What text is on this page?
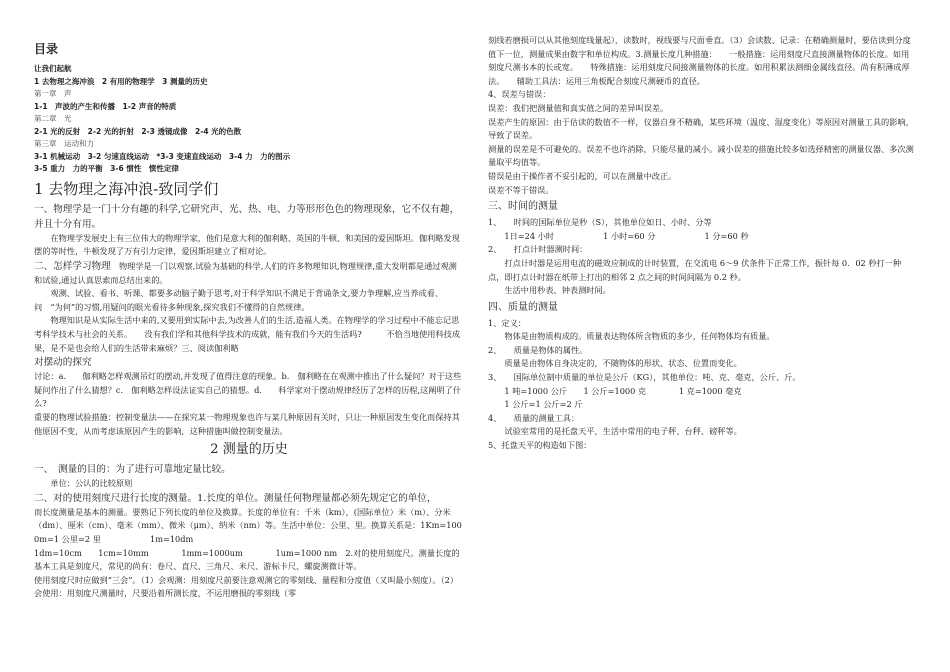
目录
让我们起航
1 去物理之海冲浪　2 有用的物理学　3 测量的历史
第一章　声
1-1　声波的产生和传播　1-2 声音的特质
第二章　光
2-1 光的反射　2-2 光的折射　2-3 透镜成像　2-4 光的色散
第三章　运动和力
3-1 机械运动　3-2 匀速直线运动　*3-3 变速直线运动　3-4 力　力的图示
3-5 重力　力的平衡　3-6 惯性　惯性定律
1 去物理之海冲浪-致同学们

一、物理学是一门十分有趣的科学,它研究声、光、热、电、力等形形色色的物理现象，它不仅有趣，并且十分有用。

在物理学发展史上有三位伟大的物理学家，他们是意大利的伽利略、英国的牛顿、和美国的爱因斯坦。伽利略发现摆的等时性，牛顿发现了万有引力定律，爱因斯坦建立了相对论。

二、怎样学习物理　物理学是一门以观察,试验为基础的科学,人们的许多物理知识,物理规律,重大发明都是通过观测和试验,通过认真思索而总结出来的。

观测、试验、看书、听课、都要多动脑子勤于思考,对于科学知识不满足于背诵条文,要力争理解,应当养成看、问　“为何”的习惯,用疑问的眼光看待多种现象,探究我们不懂得的自然规律。

物理知识是从实际生活中来的,又要用到实际中去,为改善人们的生活,造福人类。在物理学的学习过程中不能忘记思考科学技术与社会的关系。　　没有我们学和其他科学技术的成就，能有我们今天的生活吗?　　　不恰当地使用科技成果，是不是也会给人们的生活带来麻烦？三、阅读伽利略

对摆动的探究

讨论：a.　　伽利略怎样观测吊灯的摆动,并发现了值得注意的现象。b.　伽利略在在观测中推出了什么疑问？对于这些疑问作出了什么猜想？c.　伽利略怎样设法证实自己的猜想。d.　　科学家对于摆动规律经历了怎样的历程,这阐明了什么?

重要的物理试验措施：控制变量法——在探究某一物理现象也许与某几种原因有关时，只让一种原因发生变化而保持其他原因不变，从而考虑该原因产生的影响，这种措施叫做控制变量法。

2 测量的历史

一、　测量的目的：为了进行可靠地定量比较。

单位：公认的比较原则

二、对的使用刻度尺进行长度的测量。1.长度的单位。测量任何物理量都必须先规定它的单位，

而长度测量是基本的测量。要熟记下列长度的单位及换算。长度的单位有：千米（km），(国际单位）米（m）、分米（dm）、厘米（cm）、毫米（mm）、微米（μm）、纳米（nm）等。生活中单位：公里、里。换算关系是：1Km=1000m=1 公里=2 里　　　　　　1m=10dm

1dm=10cm　　1cm=10mm　　　　1mm=1000um　　　　1um=1000 nm　2.对的使用刻度尺。测量长度的基本工具是刻度尺，常见的尚有：卷尺、直尺、三角尺、米尺、游标卡尺、螺旋测微计等。

使用刻度尺时应做到“三会”。（1）会观测：用刻度尺前要注意观测它的零刻线、量程和分度值（又叫最小刻度）。（2）会使用：用刻度尺测量时，尺要沿着所测长度，不运用磨损的零刻线（零

刻线若磨损可以从其他刻度线量起），读数时，视线要与尺面垂直。（3）会读数、记录：在精确测量时，要估读到分度值下一位，测量成果由数字和单位构成。3.测量长度几种措施：　　一般措施：运用刻度尺直接测量物体的长度。如用刻度尺测书本的长或宽。　　特殊措施：运用刻度尺间接测量物体的长度。如用积累法测细金属线直径。尚有积薄成厚法。　　辅助工具法：运用三角板配合刻度尺测硬币的直径。

4、误差与错误：

误差：我们把测量值和真实值之间的差异叫误差。

误差产生的原因：由于估读的数值不一样，仪器自身不精确，某些环境（温度、湿度变化）等原因对测量工具的影响，导致了误差。

测量的误差是不可避免的。误差不也许消除，只能尽量的减小。减小误差的措施比较多如选择精密的测量仪器、多次测量取平均值等。

错误是由于操作者不妥引起的，可以在测量中改正。

误差不等于错误。

三、时间的测量

1、　　时间的国际单位是秒（S），其他单位如日、小时、分等

1日=24 小时　　　　　　1 小时=60 分　　　　　　1 分=60 秒

2、　　打点计时器测时间：

打点计时器是运用电流的磁效应制成的计时装置，在交流电 6～9 伏条件下正常工作，振针每 0．02 秒打一种点，即打点计时器在纸带上打出的相邻 2 点之间的时间间隔为 0.2 秒。

生活中用秒表、钟表测时间。

四、质量的测量

1、定义：

物体是由物质构成的。质量表达物体所含物质的多少，任何物体均有质量。

2、　　质量是物体的属性。

质量是由物体自身决定的，不随物体的形状、状态、位置而变化。

3、　　国际单位制中质量的单位是公斤（KG），其他单位：吨、克、毫克，公斤、斤。

1 吨=1000 公斤　　1 公斤=1000 克　　　　1 克=1000 毫克

1 公斤=1 公斤=2 斤

4、　　质量的测量工具：

试验室常用的是托盘天平，生活中常用的电子秤、台秤、磅秤等。

5、托盘天平的构造如下图：
